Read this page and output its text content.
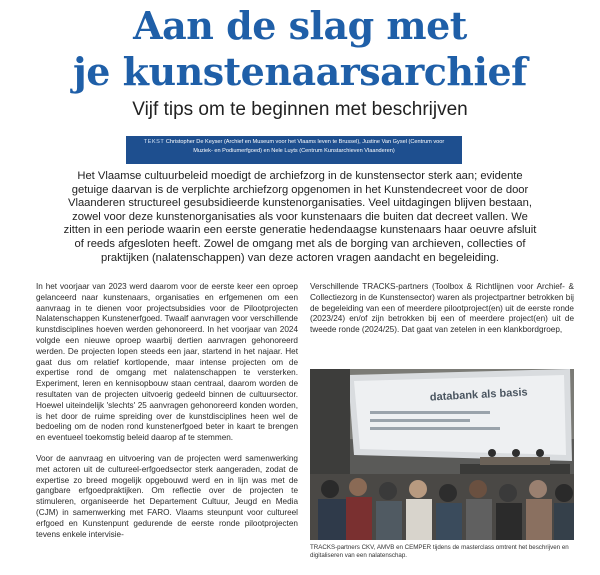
Aan de slag met
je kunstenaarsarchief
Vijf tips om te beginnen met beschrijven
TEKST Christopher De Keyser (Archief en Museum voor het Vlaams leven te Brussel), Justine Van Gysel (Centrum voor Muziek- en Podiumerfgoed) en Nele Luyts (Centrum Kunstarchieven Vlaanderen)
Het Vlaamse cultuurbeleid moedigt de archiefzorg in de kunstensector sterk aan; evidente getuige daarvan is de verplichte archiefzorg opgenomen in het Kunstendecreet voor de door Vlaanderen structureel gesubsidieerde kunstenorganisaties. Veel uitdagingen blijven bestaan, zowel voor deze kunstenorganisaties als voor kunstenaars die buiten dat decreet vallen. We zitten in een periode waarin een eerste generatie hedendaagse kunstenaars haar oeuvre afsluit of reeds afgesloten heeft. Zowel de omgang met als de borging van archieven, collecties of praktijken (nalatenschappen) van deze actoren vragen aandacht en begeleiding.

In het voorjaar van 2023 werd daarom voor de eerste keer een oproep gelanceerd naar kunstenaars, organisaties en erfgemenen om een aanvraag in te dienen voor projectsubsidies voor de Pilootprojecten Nalatenschappen Kunstenerfgoed. Twaalf aanvragen voor verschillende kunstdisciplines hoeven werden gehonoreerd. In het voorjaar van 2024 volgde een nieuwe oproep waarbij dertien aanvragen gehonoreerd werden. De projecten lopen steeds een jaar, startend in het najaar. Het gaat dus om relatief kortlopende, maar intense projecten om de expertise rond de omgang met nalatenschappen te versterken. Experiment, leren en kennisopbouw staan centraal, daarom worden de resultaten van de projecten uitvoerig gedeeld binnen de cultuursector. Hoewel uiteindelijk 'slechts' 25 aanvragen gehonoreerd konden worden, is het door de ruime spreiding over de kunstdisciplines heen wel de bedoeling om de noden rond kunstenerfgoed beter in kaart te brengen en eventueel toekomstig beleid daarop af te stemmen.

Voor de aanvraag en uitvoering van de projecten werd samenwerking met actoren uit de cultureel-erfgoedsector sterk aangeraden, zodat de expertise zo breed mogelijk opgebouwd werd en in lijn was met de gangbare erfgoedpraktijken. Om reflectie over de projecten te stimuleren, organiseerde het Departement Cultuur, Jeugd en Media (CJM) in samenwerking met FARO. Vlaams steunpunt voor cultureel erfgoed en Kunstenpunt gedurende de eerste ronde pilootprojecten tevens enkele intervisie-

Verschillende TRACKS-partners (Toolbox & Richtlijnen voor Archief- & Collectiezorg in de Kunstensector) waren als projectpartner betrokken bij de begeleiding van een of meerdere pilootproject(en) uit de eerste ronde (2023/24) en/of zijn betrokken bij een of meerdere project(en) uit de tweede ronde (2024/25). Dat gaat van zetelen in een klankbordgroep,

databank als basis
TRACKS-partners CKV, AMVB en CEMPER tijdens de masterclass omtrent het beschrijven en digitaliseren van een nalatenschap.
